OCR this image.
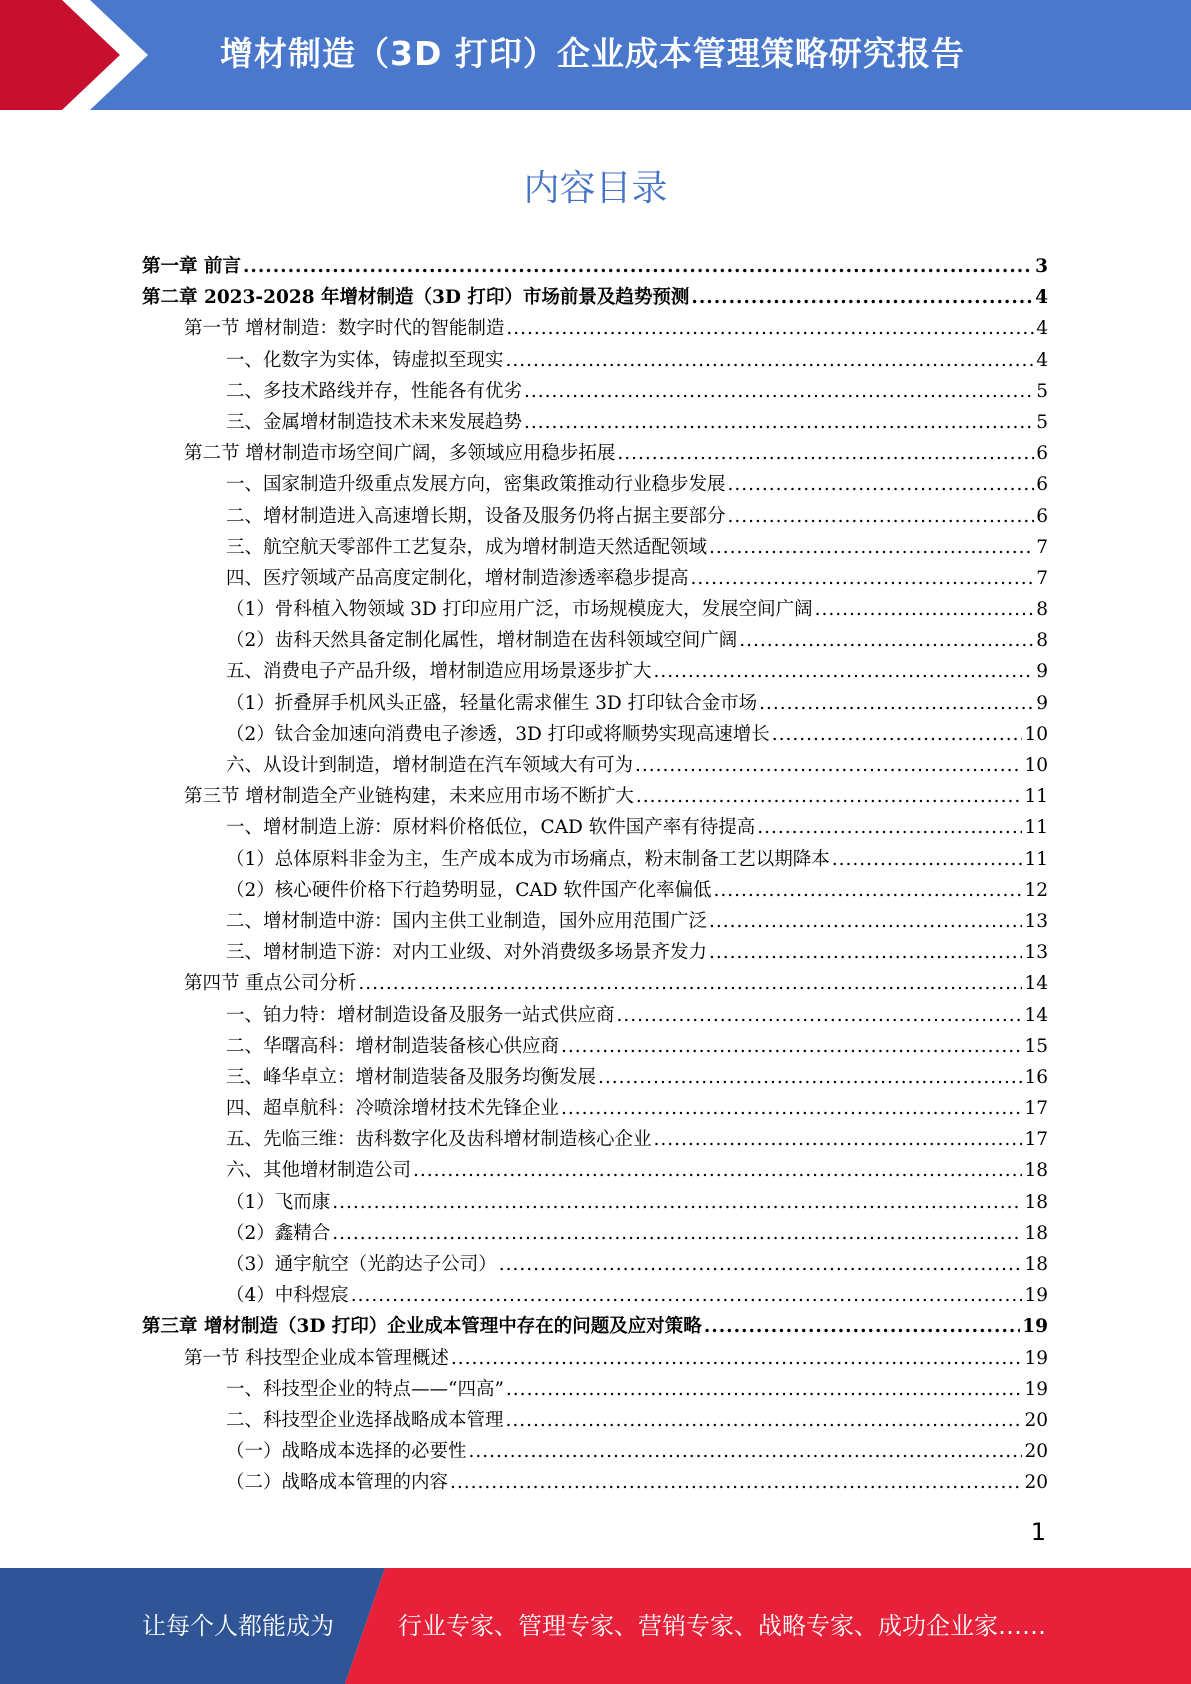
增材制造（3D 打印）企业成本管理策略研究报告
内容目录
第一章 前言 .....	3
第二章 2023-2028 年增材制造（3D 打印）市场前景及趋势预测 .....	4
第一节 增材制造：数字时代的智能制造 .....	4
一、化数字为实体，铸虚拟至现实 .....	4
二、多技术路线并存，性能各有优劣 .....	5
三、金属增材制造技术未来发展趋势 .....	5
第二节 增材制造市场空间广阔，多领域应用稳步拓展 .....	6
一、国家制造升级重点发展方向，密集政策推动行业稳步发展 .....	6
二、增材制造进入高速增长期，设备及服务仍将占据主要部分 .....	6
三、航空航天零部件工艺复杂，成为增材制造天然适配领域 .....	7
四、医疗领域产品高度定制化，增材制造渗透率稳步提高 .....	7
（1）骨科植入物领域 3D 打印应用广泛，市场规模庞大，发展空间广阔 .....	8
（2）齿科天然具备定制化属性，增材制造在齿科领域空间广阔 .....	8
五、消费电子产品升级，增材制造应用场景逐步扩大 .....	9
（1）折叠屏手机风头正盛，轻量化需求催生 3D 打印钛合金市场 .....	9
（2）钛合金加速向消费电子渗透，3D 打印或将顺势实现高速增长 .....	10
六、从设计到制造，增材制造在汽车领域大有可为 .....	10
第三节 增材制造全产业链构建，未来应用市场不断扩大 .....	11
一、增材制造上游：原材料价格低位，CAD 软件国产率有待提高 .....	11
（1）总体原料非金为主，生产成本成为市场痛点，粉末制备工艺以期降本 .....	11
（2）核心硬件价格下行趋势明显，CAD 软件国产化率偏低 .....	12
二、增材制造中游：国内主供工业制造，国外应用范围广泛 .....	13
三、增材制造下游：对内工业级、对外消费级多场景齐发力 .....	13
第四节 重点公司分析 .....	14
一、铂力特：增材制造设备及服务一站式供应商 .....	14
二、华曙高科：增材制造装备核心供应商 .....	15
三、峰华卓立：增材制造装备及服务均衡发展 .....	16
四、超卓航科：冷喷涂增材技术先锋企业 .....	17
五、先临三维：齿科数字化及齿科增材制造核心企业 .....	17
六、其他增材制造公司 .....	18
（1）飞而康 .....	18
（2）鑫精合 .....	18
（3）通宇航空（光韵达子公司） .....	18
（4）中科煜宸 .....	19
第三章 增材制造（3D 打印）企业成本管理中存在的问题及应对策略 .....	19
第一节 科技型企业成本管理概述 .....	19
一、科技型企业的特点——“四高” .....	19
二、科技型企业选择战略成本管理 .....	20
（一）战略成本选择的必要性 .....	20
（二）战略成本管理的内容 .....	20
1
让每个人都能成为	行业专家、管理专家、营销专家、战略专家、成功企业家……
